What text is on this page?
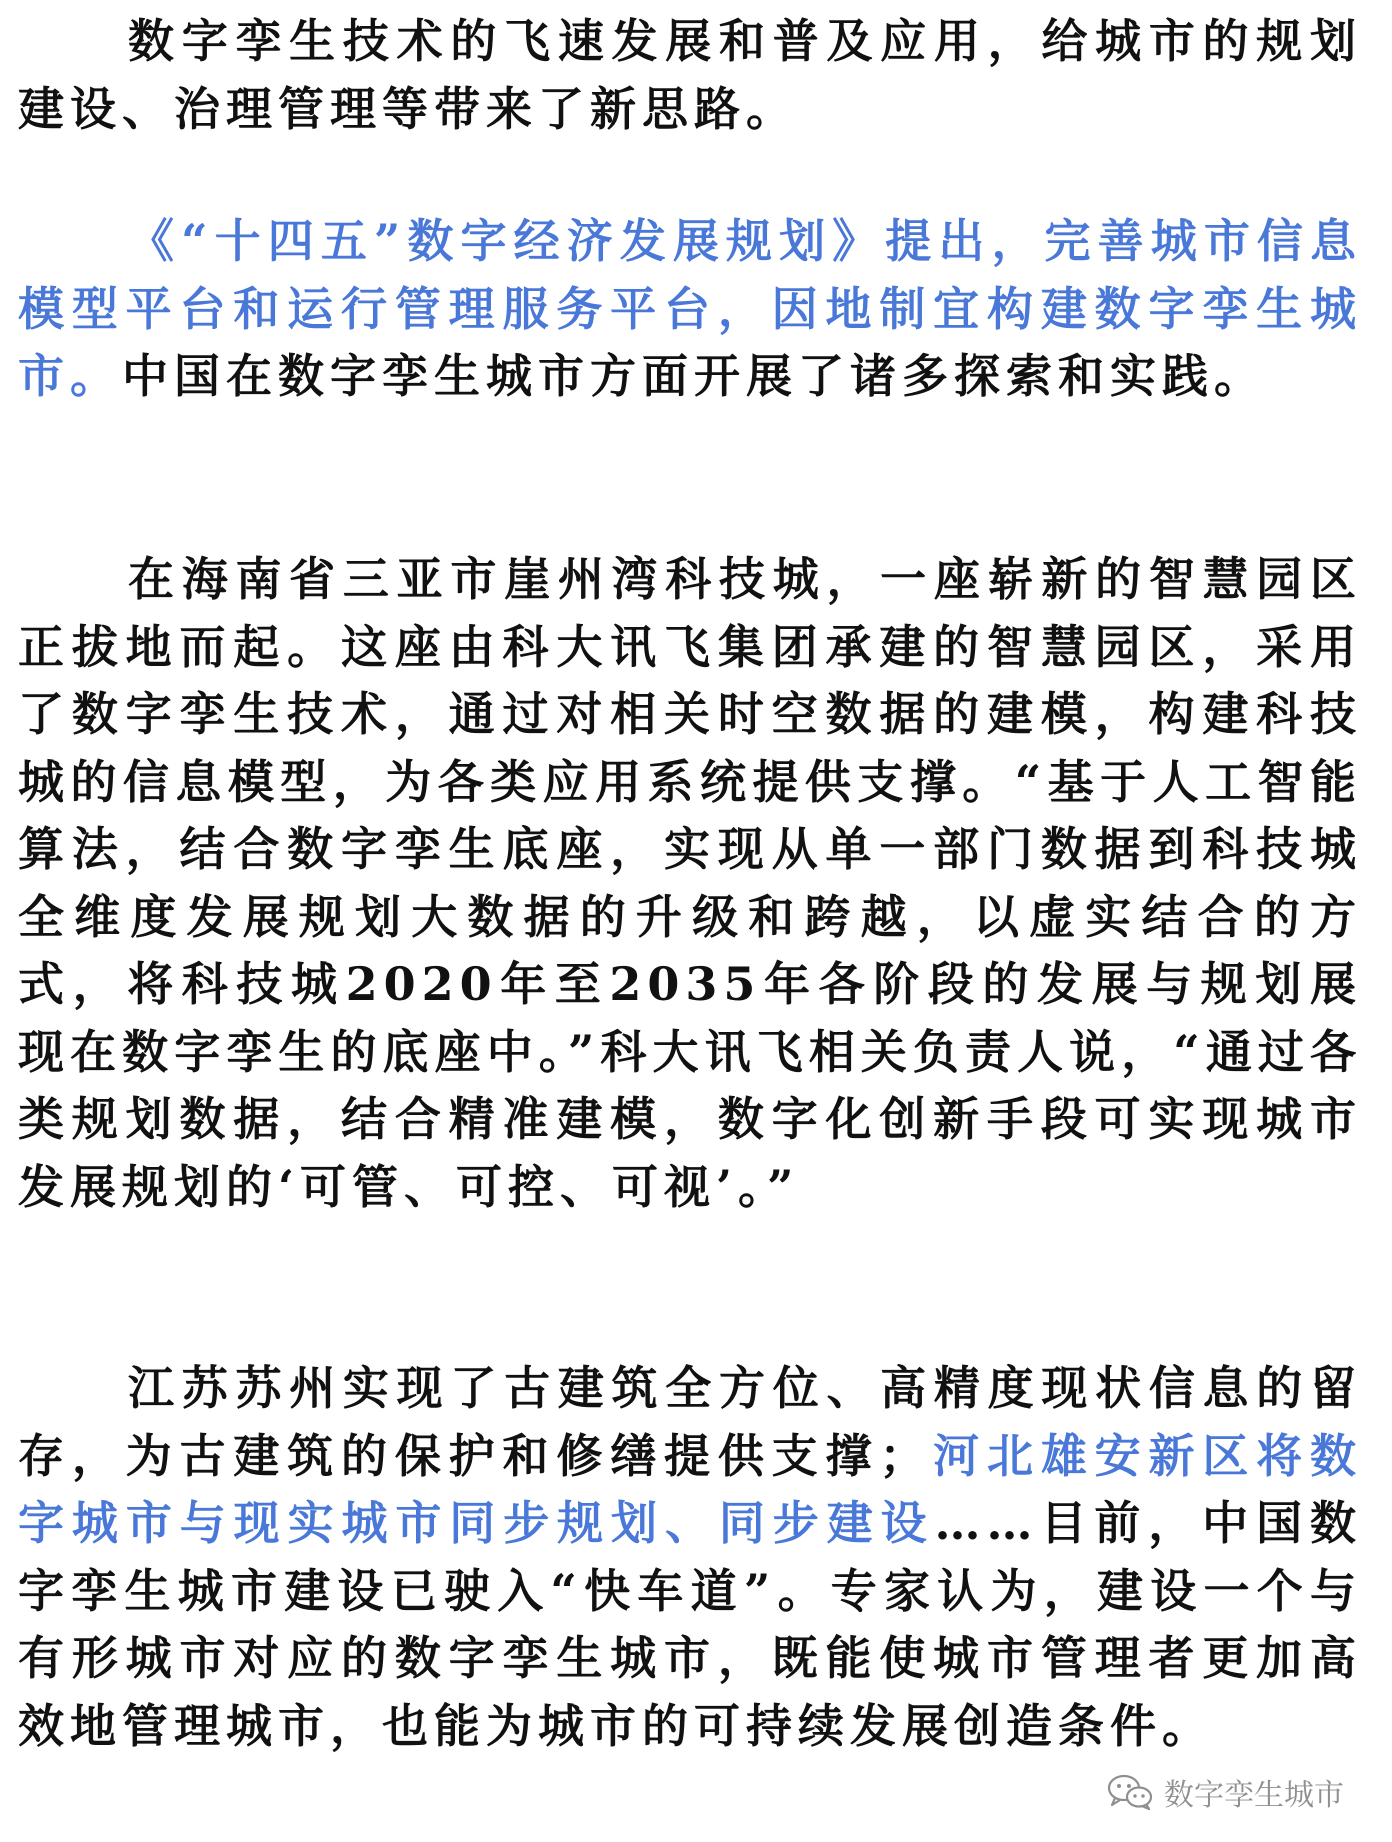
数字孪生技术的飞速发展和普及应用，给城市的规划建设、治理管理等带来了新思路。

《“十四五”数字经济发展规划》提出，完善城市信息模型平台和运行管理服务平台，因地制宜构建数字孪生城市。中国在数字孪生城市方面开展了诸多探索和实践。

在海南省三亚市崖州湾科技城，一座崭新的智慧园区正拔地而起。这座由科大讯飞集团承建的智慧园区，采用了数字孪生技术，通过对相关时空数据的建模，构建科技城的信息模型，为各类应用系统提供支撑。“基于人工智能算法，结合数字孪生底座，实现从单一部门数据到科技城全维度发展规划大数据的升级和跨越，以虚实结合的方式，将科技城2020年至2035年各阶段的发展与规划展现在数字孪生的底座中。”科大讯飞相关负责人说，“通过各类规划数据，结合精准建模，数字化创新手段可实现城市发展规划的‘可管、可控、可视’。”

江苏苏州实现了古建筑全方位、高精度现状信息的留存，为古建筑的保护和修缮提供支撑；河北雄安新区将数字城市与现实城市同步规划、同步建设……目前，中国数字孪生城市建设已驶入“快车道”。专家认为，建设一个与有形城市对应的数字孪生城市，既能使城市管理者更加高效地管理城市，也能为城市的可持续发展创造条件。

数字孪生城市
